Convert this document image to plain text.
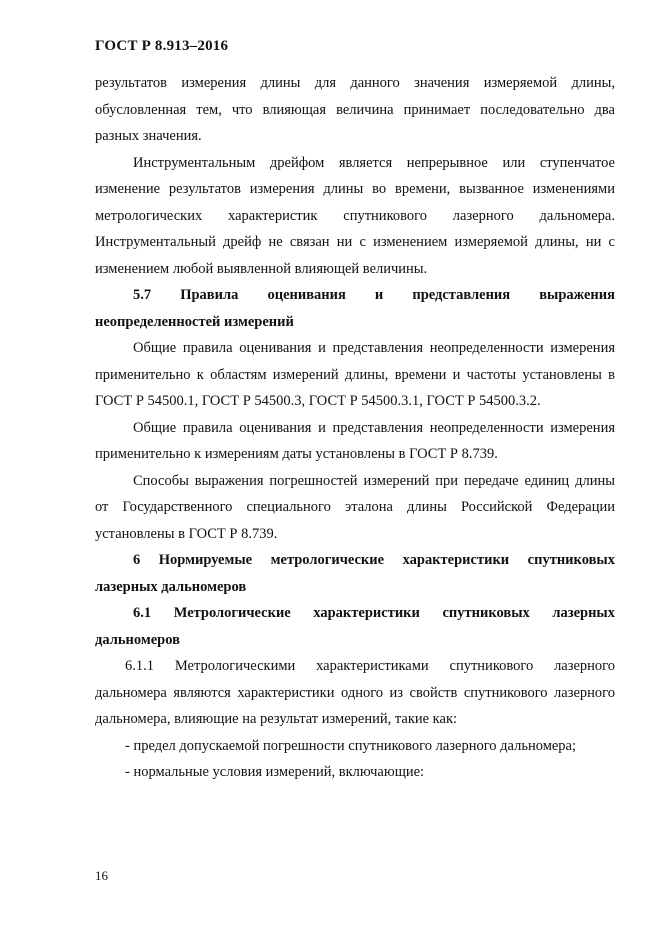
ГОСТ Р 8.913–2016

результатов измерения длины для данного значения измеряемой длины, обусловленная тем, что влияющая величина принимает последовательно два разных значения.

Инструментальным дрейфом является непрерывное или ступенчатое изменение результатов измерения длины во времени, вызванное изменениями метрологических характеристик спутникового лазерного дальномера. Инструментальный дрейф не связан ни с изменением измеряемой длины, ни с изменением любой выявленной влияющей величины.

5.7 Правила оценивания и представления выражения неопределенностей измерений

Общие правила оценивания и представления неопределенности измерения применительно к областям измерений длины, времени и частоты установлены в ГОСТ Р 54500.1, ГОСТ Р 54500.3, ГОСТ Р 54500.3.1, ГОСТ Р 54500.3.2.

Общие правила оценивания и представления неопределенности измерения применительно к измерениям даты установлены в ГОСТ Р 8.739.

Способы выражения погрешностей измерений при передаче единиц длины от Государственного специального эталона длины Российской Федерации установлены в ГОСТ Р 8.739.

6 Нормируемые метрологические характеристики спутниковых лазерных дальномеров

6.1 Метрологические характеристики спутниковых лазерных дальномеров

6.1.1 Метрологическими характеристиками спутникового лазерного дальномера являются характеристики одного из свойств спутникового лазерного дальномера, влияющие на результат измерений, такие как:

- предел допускаемой погрешности спутникового лазерного дальномера;

- нормальные условия измерений, включающие:

16
